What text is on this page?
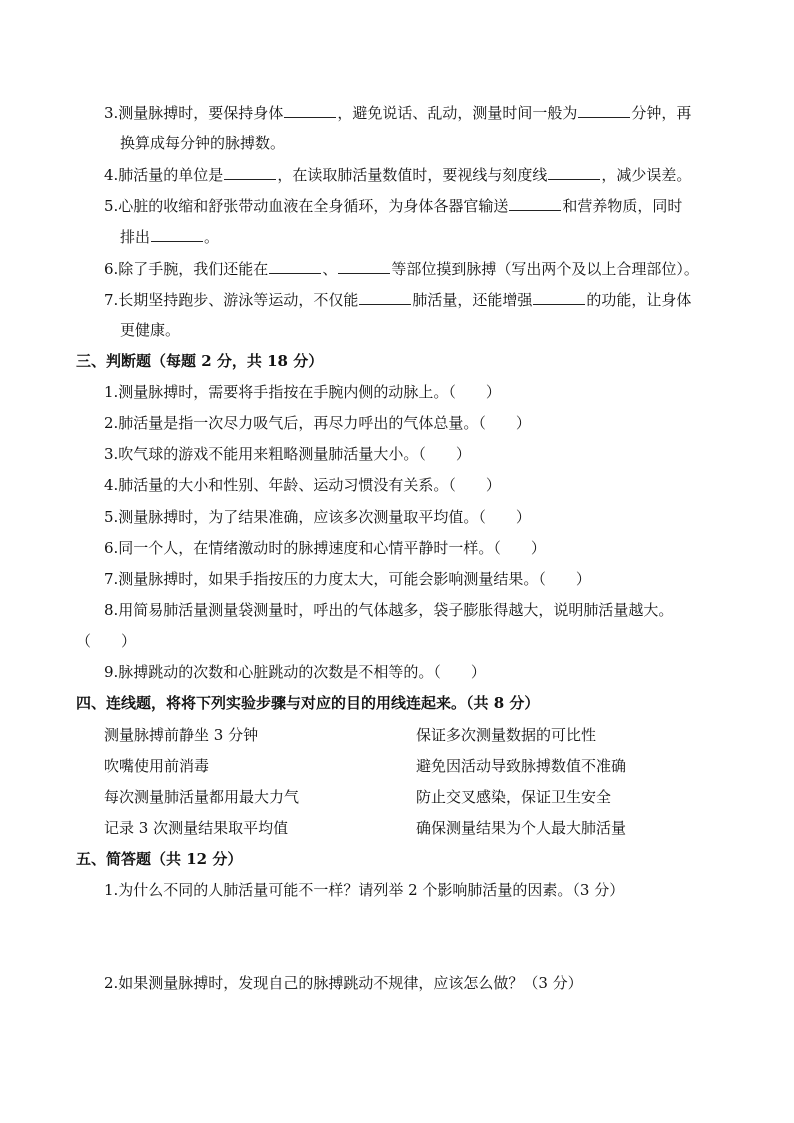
3.测量脉搏时，要保持身体	，避免说话、乱动，测量时间一般为	分钟，再
换算成每分钟的脉搏数。
4.肺活量的单位是	，在读取肺活量数值时，要视线与刻度线	，减少误差。
5.心脏的收缩和舒张带动血液在全身循环，为身体各器官输送	和营养物质，同时
排出	。
6.除了手腕，我们还能在	、	等部位摸到脉搏（写出两个及以上合理部位）。
7.长期坚持跑步、游泳等运动，不仅能	肺活量，还能增强	的功能，让身体
更健康。
三、判断题（每题 2 分，共 18 分）
1.测量脉搏时，需要将手指按在手腕内侧的动脉上。（　　）
2.肺活量是指一次尽力吸气后，再尽力呼出的气体总量。（　　）
3.吹气球的游戏不能用来粗略测量肺活量大小。（　　）
4.肺活量的大小和性别、年龄、运动习惯没有关系。（　　）
5.测量脉搏时，为了结果准确，应该多次测量取平均值。（　　）
6.同一个人，在情绪激动时的脉搏速度和心情平静时一样。（　　）
7.测量脉搏时，如果手指按压的力度太大，可能会影响测量结果。（　　）
8.用简易肺活量测量袋测量时，呼出的气体越多，袋子膨胀得越大，说明肺活量越大。
（　　）
9.脉搏跳动的次数和心脏跳动的次数是不相等的。（　　）
四、连线题，将将下列实验步骤与对应的目的用线连起来。（共 8 分）
测量脉搏前静坐 3 分钟	保证多次测量数据的可比性
吹嘴使用前消毒	避免因活动导致脉搏数值不准确
每次测量肺活量都用最大力气	防止交叉感染，保证卫生安全
记录 3 次测量结果取平均值	确保测量结果为个人最大肺活量
五、简答题（共 12 分）
1.为什么不同的人肺活量可能不一样？请列举 2 个影响肺活量的因素。（3 分）
2.如果测量脉搏时，发现自己的脉搏跳动不规律，应该怎么做？（3 分）
